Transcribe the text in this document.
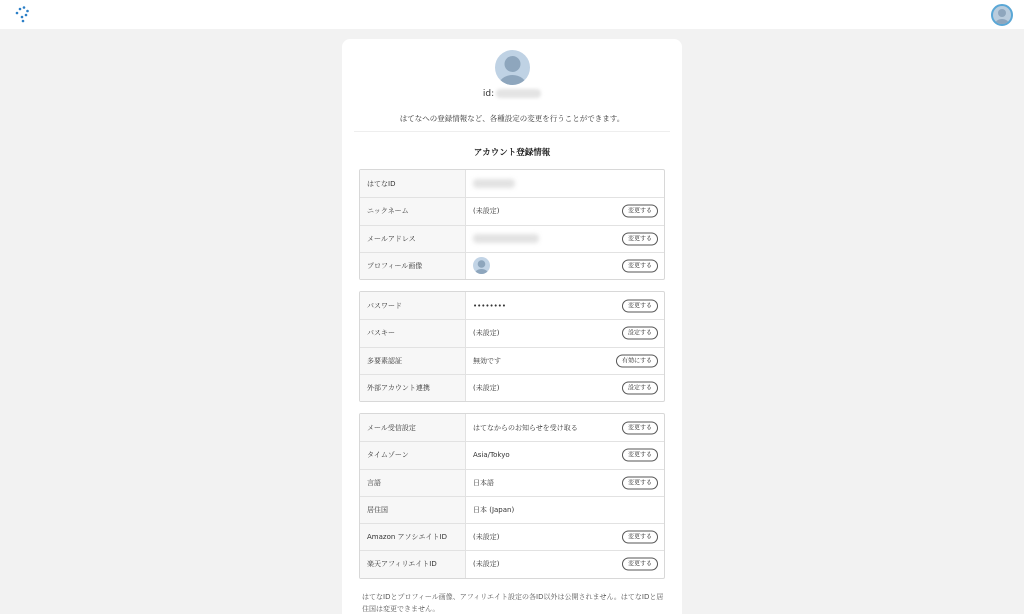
id:
はてなへの登録情報など、各種設定の変更を行うことができます。
アカウント登録情報
はてなID
ニックネーム	(未設定)	変更する
メールアドレス	変更する
プロフィール画像	変更する
パスワード	••••••••	変更する
パスキー	(未設定)	設定する
多要素認証	無効です	有効にする
外部アカウント連携	(未設定)	設定する
メール受信設定	はてなからのお知らせを受け取る	変更する
タイムゾーン	Asia/Tokyo	変更する
言語	日本語	変更する
居住国	日本 (Japan)
Amazon アソシエイトID	(未設定)	変更する
楽天アフィリエイトID	(未設定)	変更する
はてなIDとプロフィール画像、アフィリエイト設定の各ID以外は公開されません。はてなIDと居住国は変更できません。
